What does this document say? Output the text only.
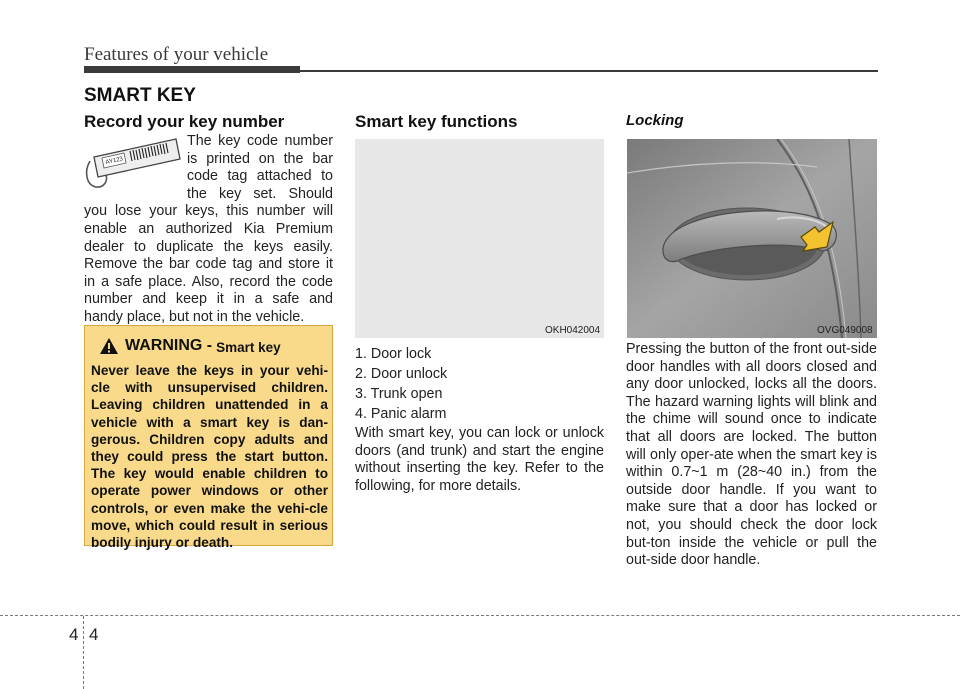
Features of your vehicle
SMART KEY
Record your key number
AY123
The key code number is printed on the bar code tag attached to the key set. Should you lose your keys, this number will enable an authorized Kia Premium dealer to duplicate the keys easily. Remove the bar code tag and store it in a safe place. Also, record the code number and keep it in a safe and handy place, but not in the vehicle.
WARNING - Smart key
Never leave the keys in your vehi-cle with unsupervised children. Leaving children unattended in a vehicle with a smart key is dan-gerous. Children copy adults and they could press the start button. The key would enable children to operate power windows or other controls, or even make the vehi-cle move, which could result in serious bodily injury or death.
Smart key functions
OKH042004
1. Door lock
2. Door unlock
3. Trunk open
4. Panic alarm
With smart key, you can lock or unlock doors (and trunk) and start the engine without inserting the key. Refer to the following, for more details.
Locking
OVG049008
Pressing the button of the front out-side door handles with all doors closed and any door unlocked, locks all the doors. The hazard warning lights will blink and the chime will sound once to indicate that all doors are locked. The button will only oper-ate when the smart key is within 0.7~1 m (28~40 in.) from the outside door handle. If you want to make sure that a door has locked or not, you should check the door lock but-ton inside the vehicle or pull the out-side door handle.
4 4
